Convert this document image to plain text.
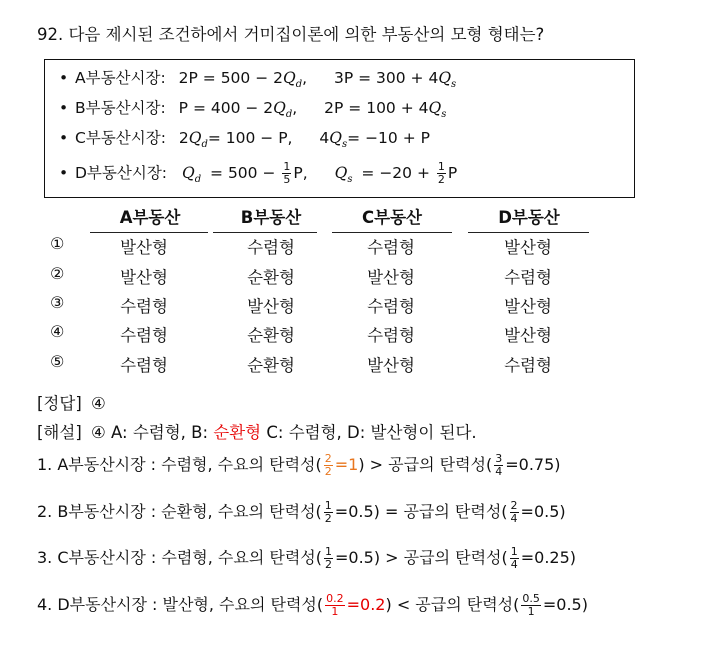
92. 다음 제시된 조건하에서 거미집이론에 의한 부동산의 모형 형태는?
• A부동산시장: $2P = 500 - 2Q_d$, $3P = 300 + 4Q_s$
• B부동산시장: $P = 400 - 2Q_d$, $2P = 100 + 4Q_s$
• C부동산시장: $2Q_d= 100 - P$, $4Q_s= -10 + P$
• D부동산시장: $Q_d = 500 - \frac{1}{5} P$, $Q_s = -20 + \frac{1}{2}$ P
A부동산	B부동산	C부동산	D부동산
①	발산형	수렴형	수렴형	발산형
②	발산형	순환형	발산형	수렴형
③	수렴형	발산형	수렴형	발산형
④	수렴형	순환형	수렴형	발산형
⑤	수렴형	순환형	발산형	수렴형
[정답] ④
[해설] ④ A: 수렴형, B: 순환형 C: 수렴형, D: 발산형이 된다.
1. A부동산시장 : 수렴형, 수요의 탄력성( $\frac{2}{2} =1$) > 공급의 탄력성( $\frac{3}{4} =0.75$)
2. B부동산시장 : 순환형, 수요의 탄력성( $\frac{1}{2} =0.5$) = 공급의 탄력성( $\frac{2}{4} =0.5$)
3. C부동산시장 : 수렴형, 수요의 탄력성( $\frac{1}{2} =0.5$) > 공급의 탄력성( $\frac{1}{4} =0.25$)
4. D부동산시장 : 발산형, 수요의 탄력성( $\frac{0.2}{1} =0.2$) < 공급의 탄력성( $\frac{0.5}{1} =0.5$)
